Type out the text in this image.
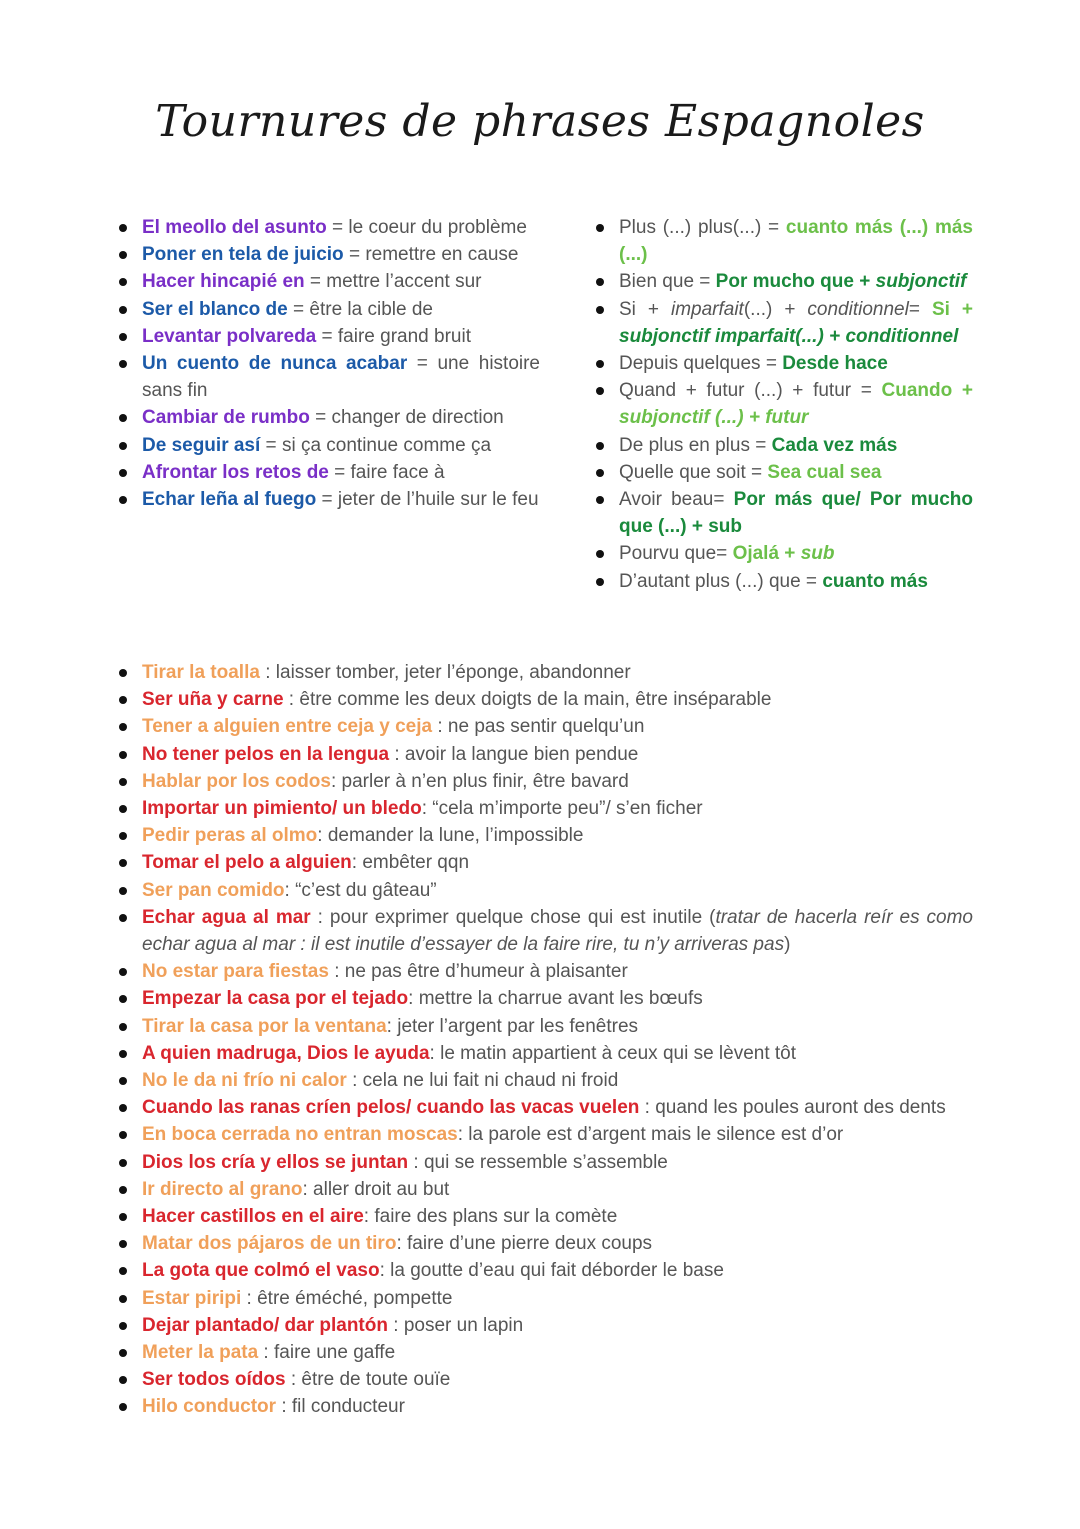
Tournures de phrases Espagnoles
El meollo del asunto = le coeur du problème
Poner en tela de juicio = remettre en cause
Hacer hincapié en = mettre l’accent sur
Ser el blanco de = être la cible de
Levantar polvareda = faire grand bruit
Un cuento de nunca acabar = une histoire sans fin
Cambiar de rumbo = changer de direction
De seguir así = si ça continue comme ça
Afrontar los retos de = faire face à
Echar leña al fuego = jeter de l’huile sur le feu
Plus (...) plus(...) = cuanto más (...) más (...)
Bien que = Por mucho que + subjonctif
Si + imparfait(...) + conditionnel= Si + subjonctif imparfait(...) + conditionnel
Depuis quelques = Desde hace
Quand + futur (...) + futur = Cuando + subjonctif (...) + futur
De plus en plus = Cada vez más
Quelle que soit = Sea cual sea
Avoir beau= Por más que/ Por mucho que (...) + sub
Pourvu que= Ojalá + sub
D’autant plus (...) que = cuanto más
Tirar la toalla : laisser tomber, jeter l’éponge, abandonner
Ser uña y carne : être comme les deux doigts de la main, être inséparable
Tener a alguien entre ceja y ceja : ne pas sentir quelqu’un
No tener pelos en la lengua : avoir la langue bien pendue
Hablar por los codos: parler à n’en plus finir, être bavard
Importar un pimiento/ un bledo: “cela m’importe peu”/ s’en ficher
Pedir peras al olmo: demander la lune, l’impossible
Tomar el pelo a alguien: embêter qqn
Ser pan comido: “c’est du gâteau”
Echar agua al mar : pour exprimer quelque chose qui est inutile (tratar de hacerla reír es como echar agua al mar : il est inutile d’essayer de la faire rire, tu n’y arriveras pas)
No estar para fiestas : ne pas être d’humeur à plaisanter
Empezar la casa por el tejado: mettre la charrue avant les bœufs
Tirar la casa por la ventana: jeter l’argent par les fenêtres
A quien madruga, Dios le ayuda: le matin appartient à ceux qui se lèvent tôt
No le da ni frío ni calor : cela ne lui fait ni chaud ni froid
Cuando las ranas críen pelos/ cuando las vacas vuelen : quand les poules auront des dents
En boca cerrada no entran moscas: la parole est d’argent mais le silence est d’or
Dios los cría y ellos se juntan : qui se ressemble s’assemble
Ir directo al grano: aller droit au but
Hacer castillos en el aire: faire des plans sur la comète
Matar dos pájaros de un tiro: faire d’une pierre deux coups
La gota que colmó el vaso: la goutte d’eau qui fait déborder le base
Estar piripi : être éméché, pompette
Dejar plantado/ dar plantón : poser un lapin
Meter la pata : faire une gaffe
Ser todos oídos : être de toute ouïe
Hilo conductor : fil conducteur
